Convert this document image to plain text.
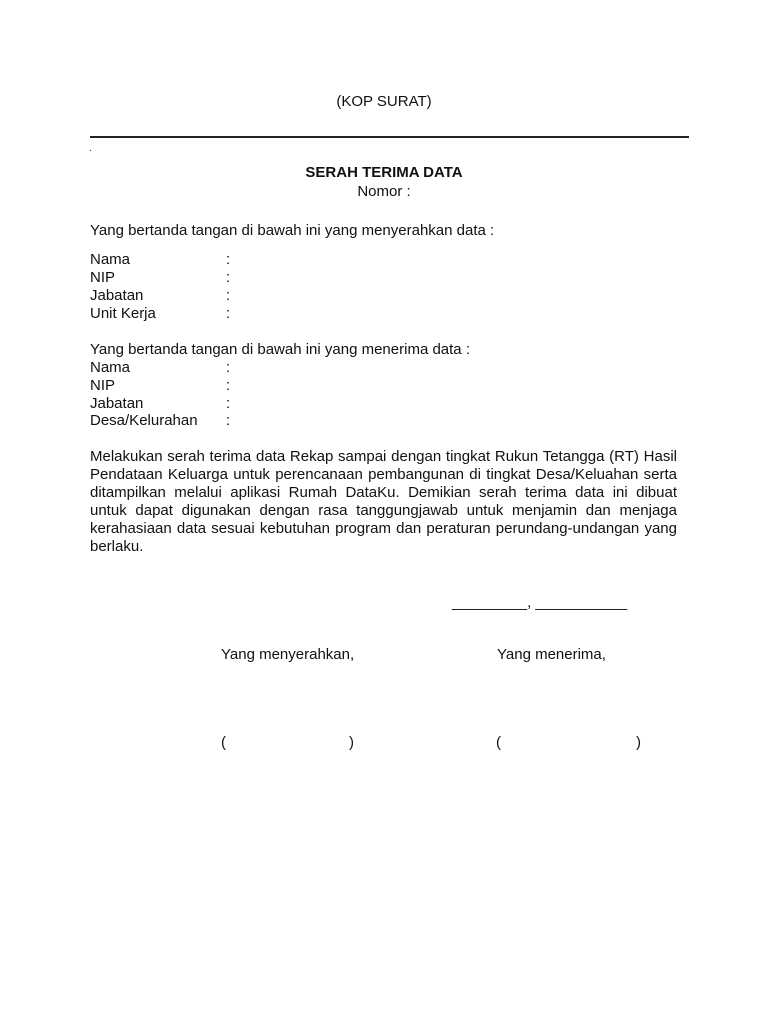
(KOP SURAT)
.
SERAH TERIMA DATA
Nomor :
Yang bertanda tangan di bawah ini yang menyerahkan data :
Nama	:
NIP	:
Jabatan	:
Unit Kerja	:
Yang bertanda tangan di bawah ini yang menerima data :
Nama	:
NIP	:
Jabatan	:
Desa/Kelurahan :
Melakukan serah terima data Rekap sampai dengan tingkat Rukun Tetangga (RT) Hasil
Pendataan Keluarga untuk perencanaan pembangunan di tingkat Desa/Keluahan serta
ditampilkan melalui aplikasi Rumah DataKu. Demikian serah terima data ini dibuat
untuk dapat digunakan dengan rasa tanggungjawab untuk menjamin dan menjaga
kerahasiaan data sesuai kebutuhan program dan peraturan perundang-undangan yang
berlaku.
_________, ___________
Yang menyerahkan,	Yang menerima,
(	)	(	)
